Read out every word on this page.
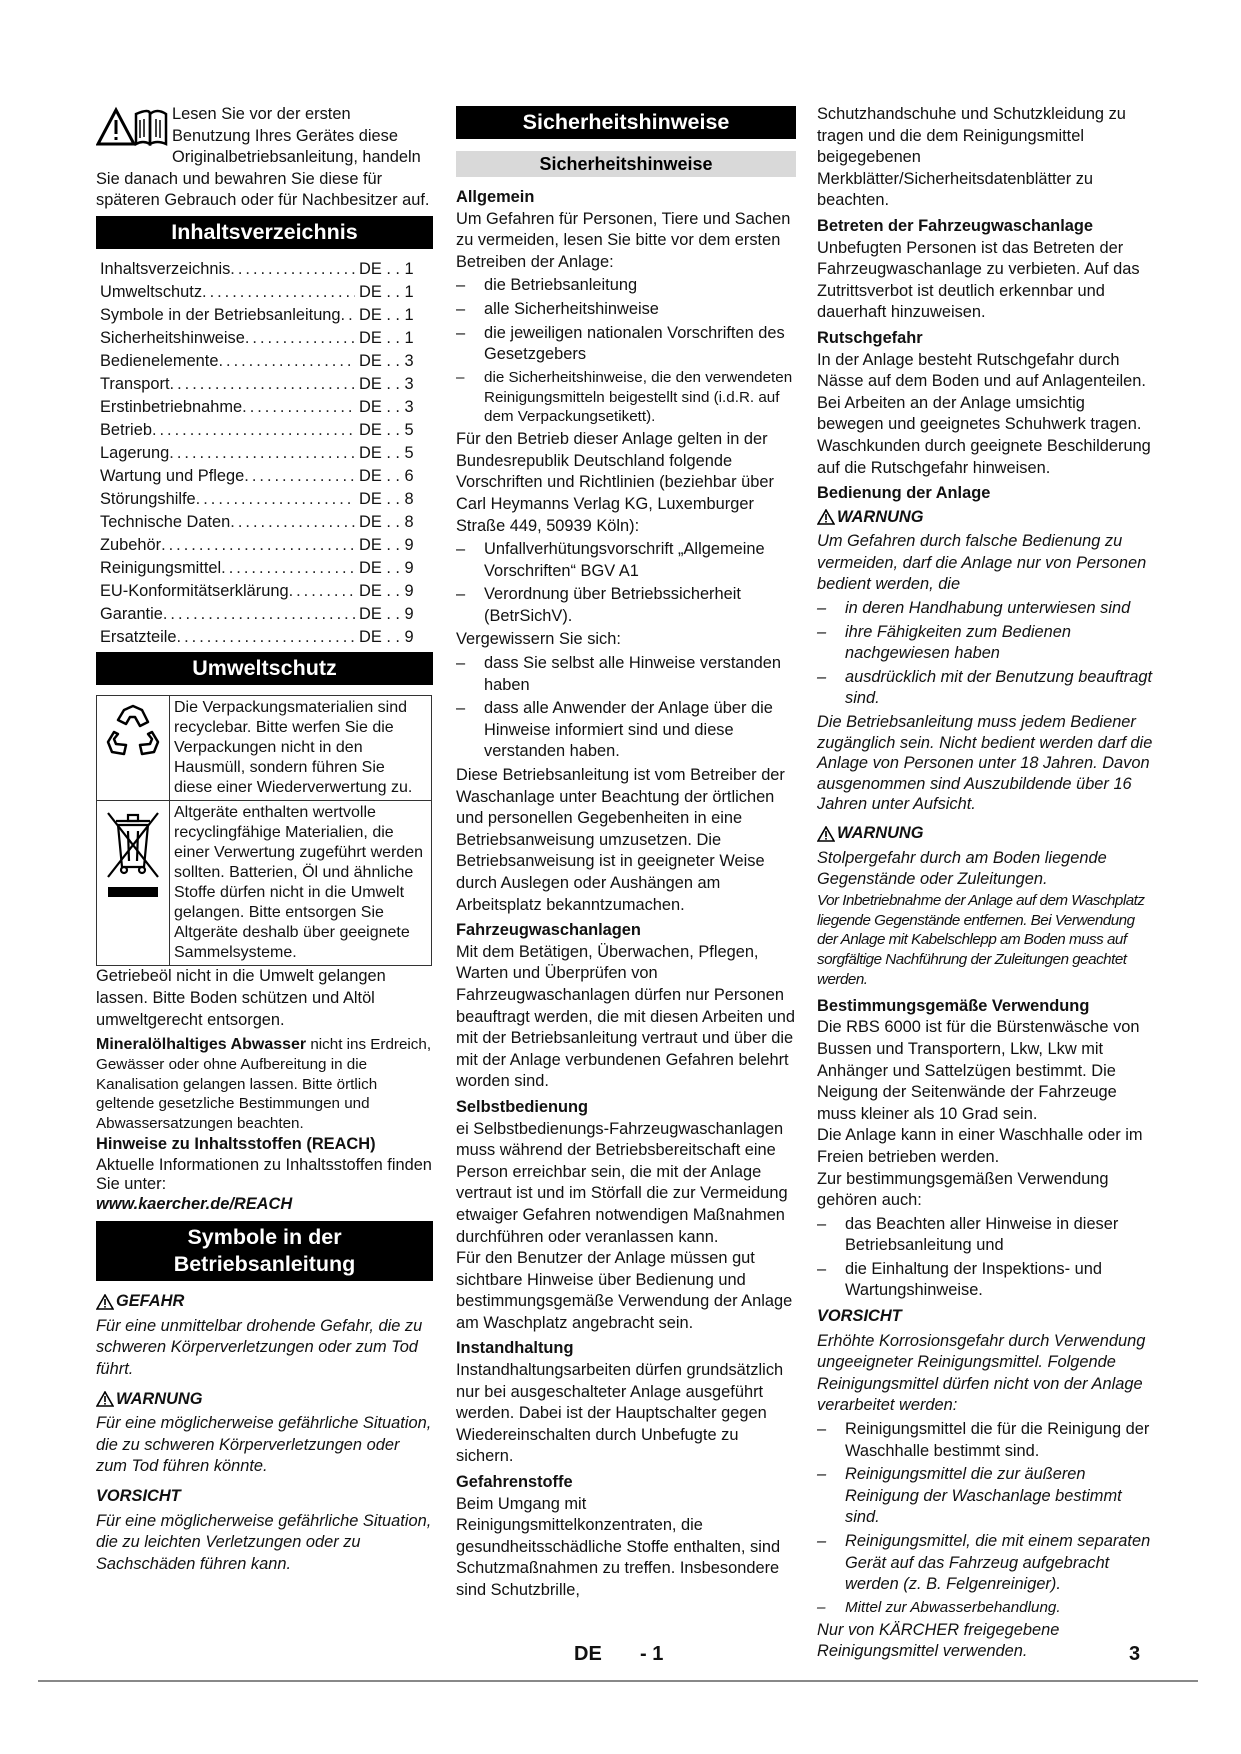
Lesen Sie vor der ersten Benutzung Ihres Gerätes diese Originalbetriebsanleitung, handeln Sie danach und bewahren Sie diese für späteren Gebrauch oder für Nachbesitzer auf.

Inhaltsverzeichnis
Inhaltsverzeichnis .....	DE . . 1
Umweltschutz .....	DE . . 1
Symbole in der Betriebsanleitung ..... DE . . 1
Sicherheitshinweise .....	DE . . 1
Bedienelemente .....	DE . . 3
Transport .....	DE . . 3
Erstinbetriebnahme .....	DE . . 3
Betrieb .....	DE . . 5
Lagerung .....	DE . . 5
Wartung und Pflege .....	DE . . 6
Störungshilfe .....	DE . . 8
Technische Daten .....	DE . . 8
Zubehör .....	DE . . 9
Reinigungsmittel .....	DE . . 9
EU-Konformitätserklärung .....	DE . . 9
Garantie .....	DE . . 9
Ersatzteile .....	DE . . 9
Umweltschutz
	Die Verpackungsmaterialien sind recyclebar. Bitte werfen Sie die Verpackungen nicht in den Hausmüll, sondern führen Sie diese einer Wiederverwertung zu.
	Altgeräte enthalten wertvolle recyclingfähige Materialien, die einer Verwertung zugeführt werden sollten. Batterien, Öl und ähnliche Stoffe dürfen nicht in die Umwelt gelangen. Bitte entsorgen Sie Altgeräte deshalb über geeignete Sammelsysteme.

Getriebeöl nicht in die Umwelt gelangen lassen. Bitte Boden schützen und Altöl umweltgerecht entsorgen.

Mineralölhaltiges Abwasser nicht ins Erdreich, Gewässer oder ohne Aufbereitung in die Kanalisation gelangen lassen. Bitte örtlich geltende gesetzliche Bestimmungen und Abwassersatzungen beachten.

Hinweise zu Inhaltsstoffen (REACH)

Aktuelle Informationen zu Inhaltsstoffen finden Sie unter:

www.kaercher.de/REACH

Symbole in der
Betriebsanleitung
GEFAHR

Für eine unmittelbar drohende Gefahr, die zu schweren Körperverletzungen oder zum Tod führt.

WARNUNG

Für eine möglicherweise gefährliche Situation, die zu schweren Körperverletzungen oder zum Tod führen könnte.

VORSICHT

Für eine möglicherweise gefährliche Situation, die zu leichten Verletzungen oder zu Sachschäden führen kann.

Sicherheitshinweise
Sicherheitshinweise

Allgemein

Um Gefahren für Personen, Tiere und Sachen zu vermeiden, lesen Sie bitte vor dem ersten Betreiben der Anlage:

– die Betriebsanleitung
– alle Sicherheitshinweise
– die jeweiligen nationalen Vorschriften des Gesetzgebers
– die Sicherheitshinweise, die den verwendeten Reinigungsmitteln beigestellt sind (i.d.R. auf dem Verpackungsetikett).

Für den Betrieb dieser Anlage gelten in der Bundesrepublik Deutschland folgende Vorschriften und Richtlinien (beziehbar über Carl Heymanns Verlag KG, Luxemburger Straße 449, 50939 Köln):

– Unfallverhütungsvorschrift „Allgemeine Vorschriften“ BGV A1
– Verordnung über Betriebssicherheit (BetrSichV).

Vergewissern Sie sich:

– dass Sie selbst alle Hinweise verstanden haben
– dass alle Anwender der Anlage über die Hinweise informiert sind und diese verstanden haben.

Diese Betriebsanleitung ist vom Betreiber der Waschanlage unter Beachtung der örtlichen und personellen Gegebenheiten in eine Betriebsanweisung umzusetzen. Die Betriebsanweisung ist in geeigneter Weise durch Auslegen oder Aushängen am Arbeitsplatz bekanntzumachen.

Fahrzeugwaschanlagen

Mit dem Betätigen, Überwachen, Pflegen, Warten und Überprüfen von Fahrzeugwaschanlagen dürfen nur Personen beauftragt werden, die mit diesen Arbeiten und mit der Betriebsanleitung vertraut und über die mit der Anlage verbundenen Gefahren belehrt worden sind.

Selbstbedienung

ei Selbstbedienungs-Fahrzeugwaschanlagen muss während der Betriebsbereitschaft eine Person erreichbar sein, die mit der Anlage vertraut ist und im Störfall die zur Vermeidung etwaiger Gefahren notwendigen Maßnahmen durchführen oder veranlassen kann.

Für den Benutzer der Anlage müssen gut sichtbare Hinweise über Bedienung und bestimmungsgemäße Verwendung der Anlage am Waschplatz angebracht sein.

Instandhaltung

Instandhaltungsarbeiten dürfen grundsätzlich nur bei ausgeschalteter Anlage ausgeführt werden. Dabei ist der Hauptschalter gegen Wiedereinschalten durch Unbefugte zu sichern.

Gefahrenstoffe

Beim Umgang mit Reinigungsmittelkonzentraten, die gesundheitsschädliche Stoffe enthalten, sind Schutzmaßnahmen zu treffen. Insbesondere sind Schutzbrille,

Schutzhandschuhe und Schutzkleidung zu tragen und die dem Reinigungsmittel beigegebenen Merkblätter/Sicherheitsdatenblätter zu beachten.

Betreten der Fahrzeugwaschanlage

Unbefugten Personen ist das Betreten der Fahrzeugwaschanlage zu verbieten. Auf das Zutrittsverbot ist deutlich erkennbar und dauerhaft hinzuweisen.

Rutschgefahr

In der Anlage besteht Rutschgefahr durch Nässe auf dem Boden und auf Anlagenteilen. Bei Arbeiten an der Anlage umsichtig bewegen und geeignetes Schuhwerk tragen. Waschkunden durch geeignete Beschilderung auf die Rutschgefahr hinweisen.

Bedienung der Anlage

WARNUNG

Um Gefahren durch falsche Bedienung zu vermeiden, darf die Anlage nur von Personen bedient werden, die

– in deren Handhabung unterwiesen sind
– ihre Fähigkeiten zum Bedienen nachgewiesen haben
– ausdrücklich mit der Benutzung beauftragt sind.

Die Betriebsanleitung muss jedem Bediener zugänglich sein. Nicht bedient werden darf die Anlage von Personen unter 18 Jahren. Davon ausgenommen sind Auszubildende über 16 Jahren unter Aufsicht.

WARNUNG

Stolpergefahr durch am Boden liegende Gegenstände oder Zuleitungen.

Vor Inbetriebnahme der Anlage auf dem Waschplatz liegende Gegenstände entfernen. Bei Verwendung der Anlage mit Kabelschlepp am Boden muss auf sorgfältige Nachführung der Zuleitungen geachtet werden.

Bestimmungsgemäße Verwendung

Die RBS 6000 ist für die Bürstenwäsche von Bussen und Transportern, Lkw, Lkw mit Anhänger und Sattelzügen bestimmt. Die Neigung der Seitenwände der Fahrzeuge muss kleiner als 10 Grad sein.

Die Anlage kann in einer Waschhalle oder im Freien betrieben werden.

Zur bestimmungsgemäßen Verwendung gehören auch:

– das Beachten aller Hinweise in dieser Betriebsanleitung und
– die Einhaltung der Inspektions- und Wartungshinweise.
VORSICHT

Erhöhte Korrosionsgefahr durch Verwendung ungeeigneter Reinigungsmittel. Folgende Reinigungsmittel dürfen nicht von der Anlage verarbeitet werden:

– Reinigungsmittel die für die Reinigung der Waschhalle bestimmt sind.
– Reinigungsmittel die zur äußeren Reinigung der Waschanlage bestimmt sind.
– Reinigungsmittel, die mit einem separaten Gerät auf das Fahrzeug aufgebracht werden (z. B. Felgenreiniger).
– Mittel zur Abwasserbehandlung.

Nur von KÄRCHER freigegebene Reinigungsmittel verwenden.

DE - 1	3
